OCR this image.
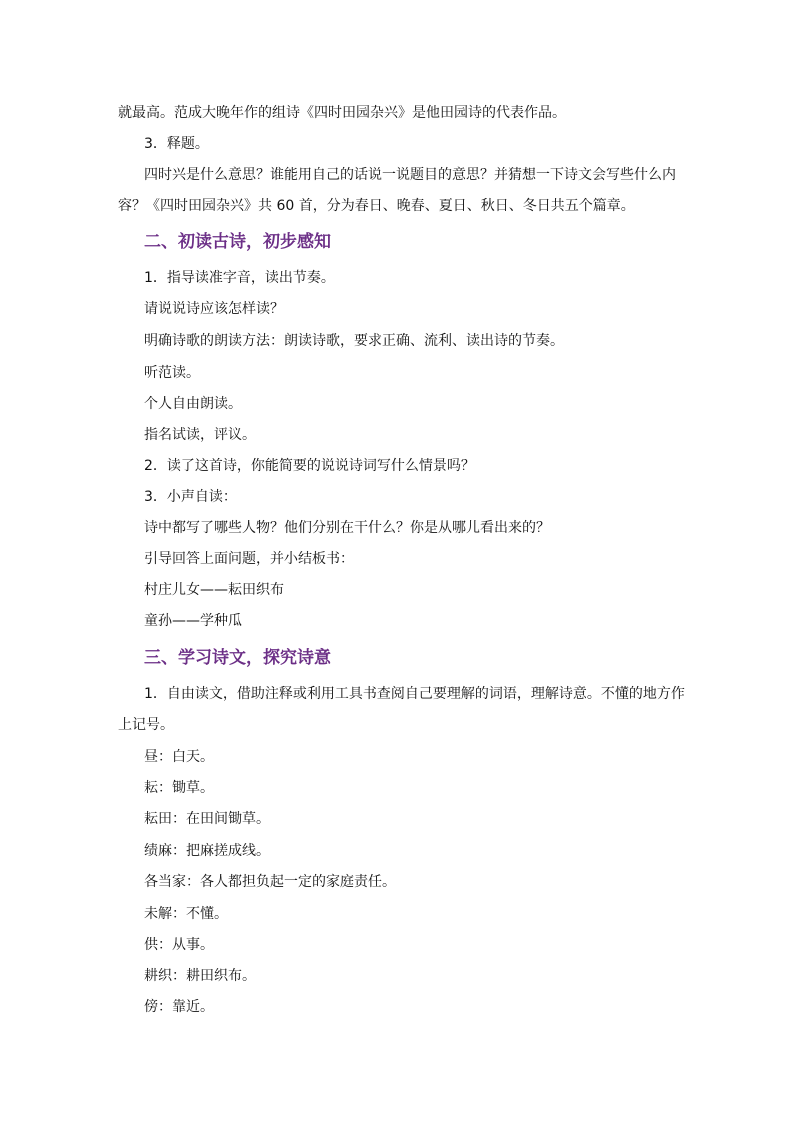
就最高。范成大晚年作的组诗《四时田园杂兴》是他田园诗的代表作品。
3．释题。
四时兴是什么意思？谁能用自己的话说一说题目的意思？并猜想一下诗文会写些什么内
容？《四时田园杂兴》共 60 首，分为春日、晚春、夏日、秋日、冬日共五个篇章。
二、初读古诗，初步感知
1．指导读准字音，读出节奏。
请说说诗应该怎样读？
明确诗歌的朗读方法：朗读诗歌，要求正确、流利、读出诗的节奏。
听范读。
个人自由朗读。
指名试读，评议。
2．读了这首诗，你能简要的说说诗词写什么情景吗？
3．小声自读：
诗中都写了哪些人物？他们分别在干什么？你是从哪儿看出来的？
引导回答上面问题，并小结板书：
村庄儿女——耘田织布
童孙——学种瓜
三、学习诗文，探究诗意
1．自由读文，借助注释或利用工具书查阅自己要理解的词语，理解诗意。不懂的地方作
上记号。
昼：白天。
耘：锄草。
耘田：在田间锄草。
绩麻：把麻搓成线。
各当家：各人都担负起一定的家庭责任。
未解：不懂。
供：从事。
耕织：耕田织布。
傍：靠近。
